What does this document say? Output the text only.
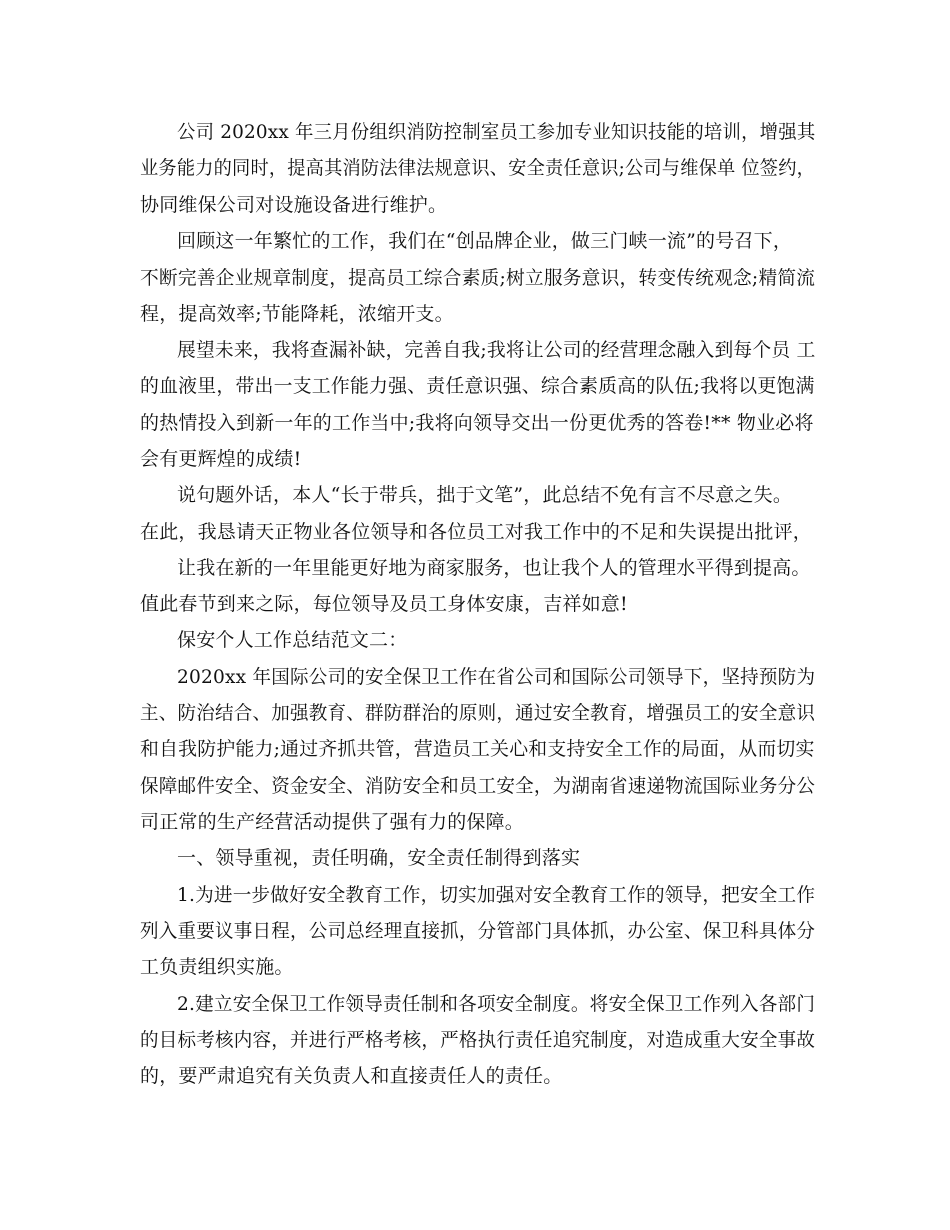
公司 2020xx 年三月份组织消防控制室员工参加专业知识技能的培训，增强其
业务能力的同时，提高其消防法律法规意识、安全责任意识;公司与维保单 位签约，
协同维保公司对设施设备进行维护。
回顾这一年繁忙的工作，我们在“创品牌企业，做三门峡一流”的号召下，
不断完善企业规章制度，提高员工综合素质;树立服务意识，转变传统观念;精简流
程，提高效率;节能降耗，浓缩开支。
展望未来，我将查漏补缺，完善自我;我将让公司的经营理念融入到每个员 工
的血液里，带出一支工作能力强、责任意识强、综合素质高的队伍;我将以更饱满
的热情投入到新一年的工作当中;我将向领导交出一份更优秀的答卷!** 物业必将
会有更辉煌的成绩!
说句题外话，本人“长于带兵，拙于文笔”，此总结不免有言不尽意之失。
在此，我恳请天正物业各位领导和各位员工对我工作中的不足和失误提出批评，
让我在新的一年里能更好地为商家服务，也让我个人的管理水平得到提高。
值此春节到来之际，每位领导及员工身体安康，吉祥如意!
保安个人工作总结范文二：
2020xx 年国际公司的安全保卫工作在省公司和国际公司领导下，坚持预防为
主、防治结合、加强教育、群防群治的原则，通过安全教育，增强员工的安全意识
和自我防护能力;通过齐抓共管，营造员工关心和支持安全工作的局面，从而切实
保障邮件安全、资金安全、消防安全和员工安全，为湖南省速递物流国际业务分公
司正常的生产经营活动提供了强有力的保障。
一、领导重视，责任明确，安全责任制得到落实
1.为进一步做好安全教育工作，切实加强对安全教育工作的领导，把安全工作
列入重要议事日程，公司总经理直接抓，分管部门具体抓，办公室、保卫科具体分
工负责组织实施。
2.建立安全保卫工作领导责任制和各项安全制度。将安全保卫工作列入各部门
的目标考核内容，并进行严格考核，严格执行责任追究制度，对造成重大安全事故
的，要严肃追究有关负责人和直接责任人的责任。
